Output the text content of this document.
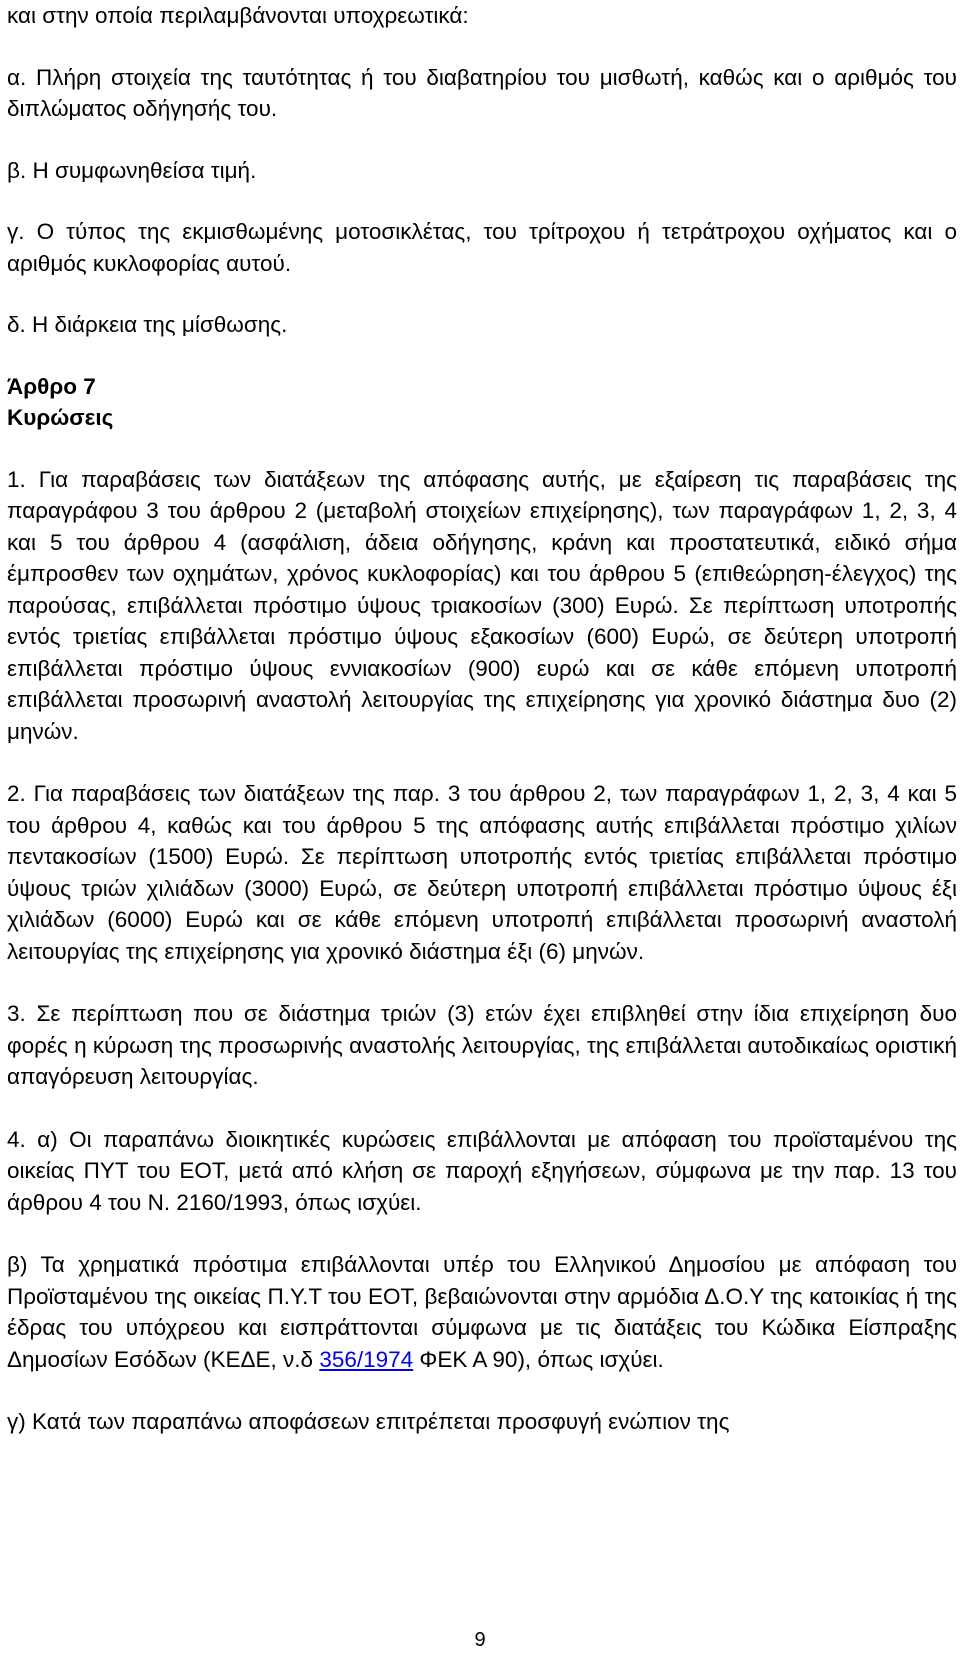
και στην οποία περιλαμβάνονται υποχρεωτικά:

α. Πλήρη στοιχεία της ταυτότητας ή του διαβατηρίου του μισθωτή, καθώς και ο αριθμός του διπλώματος οδήγησής του.

β. Η συμφωνηθείσα τιμή.

γ. Ο τύπος της εκμισθωμένης μοτοσικλέτας, του τρίτροχου ή τετράτροχου οχήματος και ο αριθμός κυκλοφορίας αυτού.

δ. Η διάρκεια της μίσθωσης.

Άρθρο 7

Κυρώσεις

1. Για παραβάσεις των διατάξεων της απόφασης αυτής, με εξαίρεση τις παραβάσεις της παραγράφου 3 του άρθρου 2 (μεταβολή στοιχείων επιχείρησης), των παραγράφων 1, 2, 3, 4 και 5 του άρθρου 4 (ασφάλιση, άδεια οδήγησης, κράνη και προστατευτικά, ειδικό σήμα έμπροσθεν των οχημάτων, χρόνος κυκλοφορίας) και του άρθρου 5 (επιθεώρηση-έλεγχος) της παρούσας, επιβάλλεται πρόστιμο ύψους τριακοσίων (300) Ευρώ. Σε περίπτωση υποτροπής εντός τριετίας επιβάλλεται πρόστιμο ύψους εξακοσίων (600) Ευρώ, σε δεύτερη υποτροπή επιβάλλεται πρόστιμο ύψους εννιακοσίων (900) ευρώ και σε κάθε επόμενη υποτροπή επιβάλλεται προσωρινή αναστολή λειτουργίας της επιχείρησης για χρονικό διάστημα δυο (2) μηνών.

2. Για παραβάσεις των διατάξεων της παρ. 3 του άρθρου 2, των παραγράφων 1, 2, 3, 4 και 5 του άρθρου 4, καθώς και του άρθρου 5 της απόφασης αυτής επιβάλλεται πρόστιμο χιλίων πεντακοσίων (1500) Ευρώ. Σε περίπτωση υποτροπής εντός τριετίας επιβάλλεται πρόστιμο ύψους τριών χιλιάδων (3000) Ευρώ, σε δεύτερη υποτροπή επιβάλλεται πρόστιμο ύψους έξι χιλιάδων (6000) Ευρώ και σε κάθε επόμενη υποτροπή επιβάλλεται προσωρινή αναστολή λειτουργίας της επιχείρησης για χρονικό διάστημα έξι (6) μηνών.

3. Σε περίπτωση που σε διάστημα τριών (3) ετών έχει επιβληθεί στην ίδια επιχείρηση δυο φορές η κύρωση της προσωρινής αναστολής λειτουργίας, της επιβάλλεται αυτοδικαίως οριστική απαγόρευση λειτουργίας.

4. α) Οι παραπάνω διοικητικές κυρώσεις επιβάλλονται με απόφαση του προϊσταμένου της οικείας ΠΥΤ του ΕΟΤ, μετά από κλήση σε παροχή εξηγήσεων, σύμφωνα με την παρ. 13 του άρθρου 4 του Ν. 2160/1993, όπως ισχύει.

β) Τα χρηματικά πρόστιμα επιβάλλονται υπέρ του Ελληνικού Δημοσίου με απόφαση του Προϊσταμένου της οικείας Π.Υ.Τ του ΕΟΤ, βεβαιώνονται στην αρμόδια Δ.Ο.Υ της κατοικίας ή της έδρας του υπόχρεου και εισπράττονται σύμφωνα με τις διατάξεις του Κώδικα Είσπραξης Δημοσίων Εσόδων (ΚΕΔΕ, ν.δ 356/1974 ΦΕΚ Α 90), όπως ισχύει.

γ) Κατά των παραπάνω αποφάσεων επιτρέπεται προσφυγή ενώπιον της

9
